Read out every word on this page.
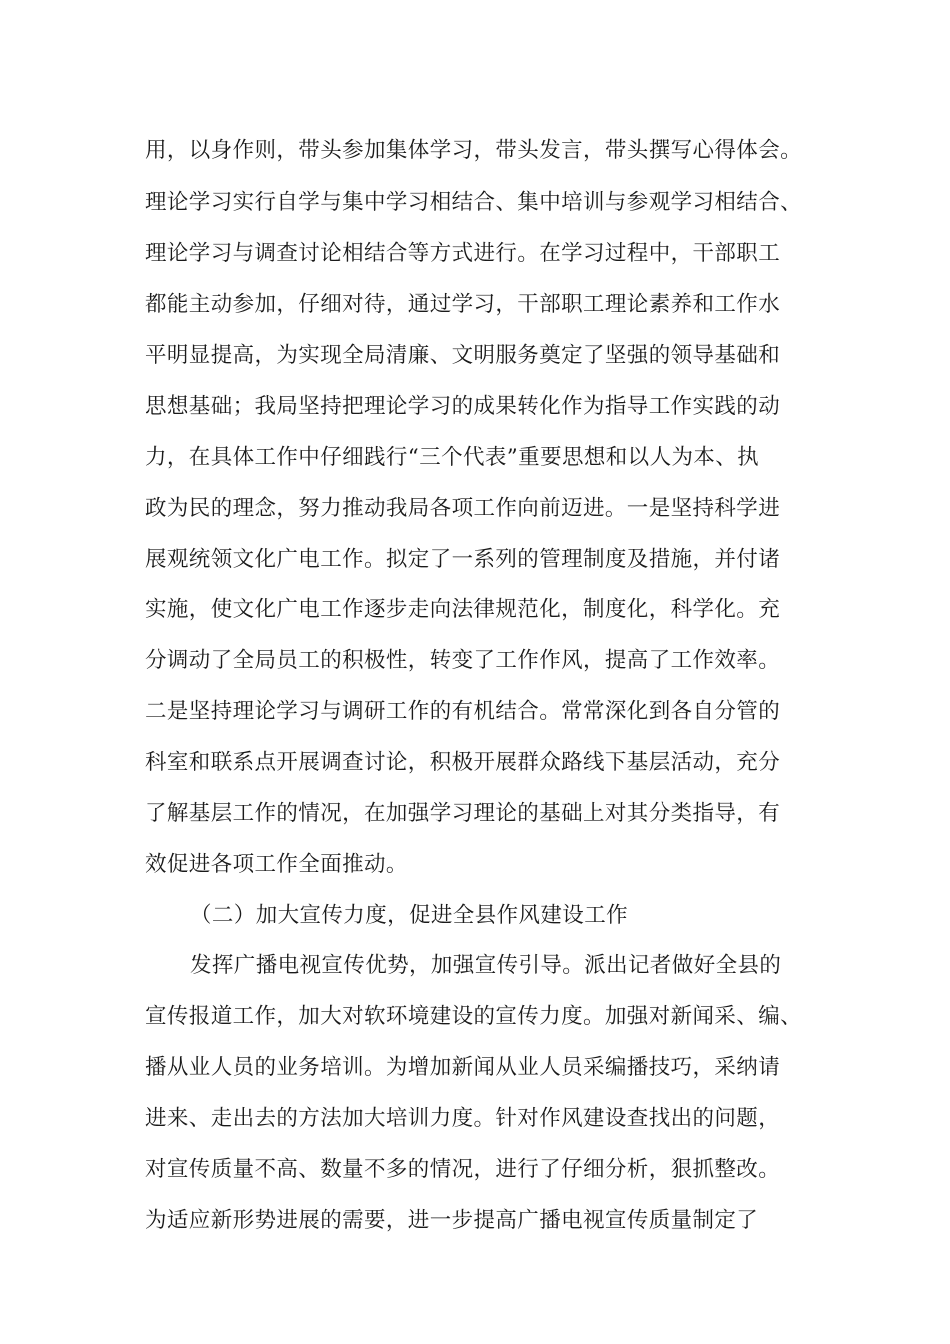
用，以身作则，带头参加集体学习，带头发言，带头撰写心得体会。
理论学习实行自学与集中学习相结合、集中培训与参观学习相结合、
理论学习与调查讨论相结合等方式进行。在学习过程中，干部职工
都能主动参加，仔细对待，通过学习，干部职工理论素养和工作水
平明显提高，为实现全局清廉、文明服务奠定了坚强的领导基础和
思想基础；我局坚持把理论学习的成果转化作为指导工作实践的动
力，在具体工作中仔细践行“三个代表”重要思想和以人为本、执
政为民的理念，努力推动我局各项工作向前迈进。一是坚持科学进
展观统领文化广电工作。拟定了一系列的管理制度及措施，并付诸
实施，使文化广电工作逐步走向法律规范化，制度化，科学化。充
分调动了全局员工的积极性，转变了工作作风，提高了工作效率。
二是坚持理论学习与调研工作的有机结合。常常深化到各自分管的
科室和联系点开展调查讨论，积极开展群众路线下基层活动，充分
了解基层工作的情况，在加强学习理论的基础上对其分类指导，有
效促进各项工作全面推动。
（二）加大宣传力度，促进全县作风建设工作
发挥广播电视宣传优势，加强宣传引导。派出记者做好全县的
宣传报道工作，加大对软环境建设的宣传力度。加强对新闻采、编、
播从业人员的业务培训。为增加新闻从业人员采编播技巧，采纳请
进来、走出去的方法加大培训力度。针对作风建设查找出的问题，
对宣传质量不高、数量不多的情况，进行了仔细分析，狠抓整改。
为适应新形势进展的需要，进一步提高广播电视宣传质量制定了
